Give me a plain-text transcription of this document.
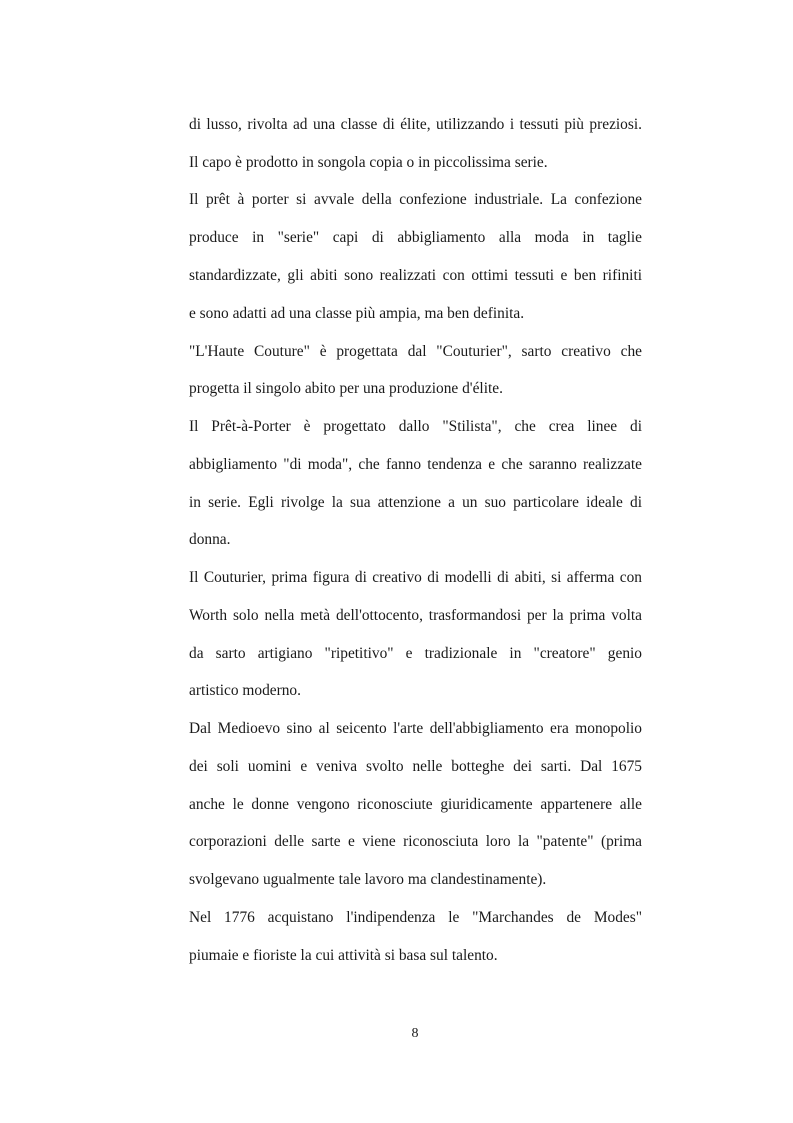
di lusso, rivolta ad una classe di élite, utilizzando i tessuti più preziosi.
Il capo è prodotto in songola copia o in piccolissima serie.
Il prêt à porter si avvale della confezione industriale. La confezione
produce in "serie" capi di abbigliamento alla moda in taglie
standardizzate, gli abiti sono realizzati con ottimi tessuti e ben rifiniti
e sono adatti ad una classe più ampia, ma ben definita.
"L'Haute Couture" è progettata dal "Couturier", sarto creativo che
progetta il singolo abito per una produzione d'élite.
Il Prêt-à-Porter è progettato dallo "Stilista", che crea linee di
abbigliamento "di moda", che fanno tendenza e che saranno realizzate
in serie. Egli rivolge la sua attenzione a un suo particolare ideale di
donna.
Il Couturier, prima figura di creativo di modelli di abiti, si afferma con
Worth solo nella metà dell'ottocento, trasformandosi per la prima volta
da sarto artigiano "ripetitivo" e tradizionale in "creatore" genio
artistico moderno.
Dal Medioevo sino al seicento l'arte dell'abbigliamento era monopolio
dei soli uomini e veniva svolto nelle botteghe dei sarti. Dal 1675
anche le donne vengono riconosciute giuridicamente appartenere alle
corporazioni delle sarte e viene riconosciuta loro la "patente" (prima
svolgevano ugualmente tale lavoro ma clandestinamente).
Nel 1776 acquistano l'indipendenza le "Marchandes de Modes"
piumaie e fioriste la cui attività si basa sul talento.
8
